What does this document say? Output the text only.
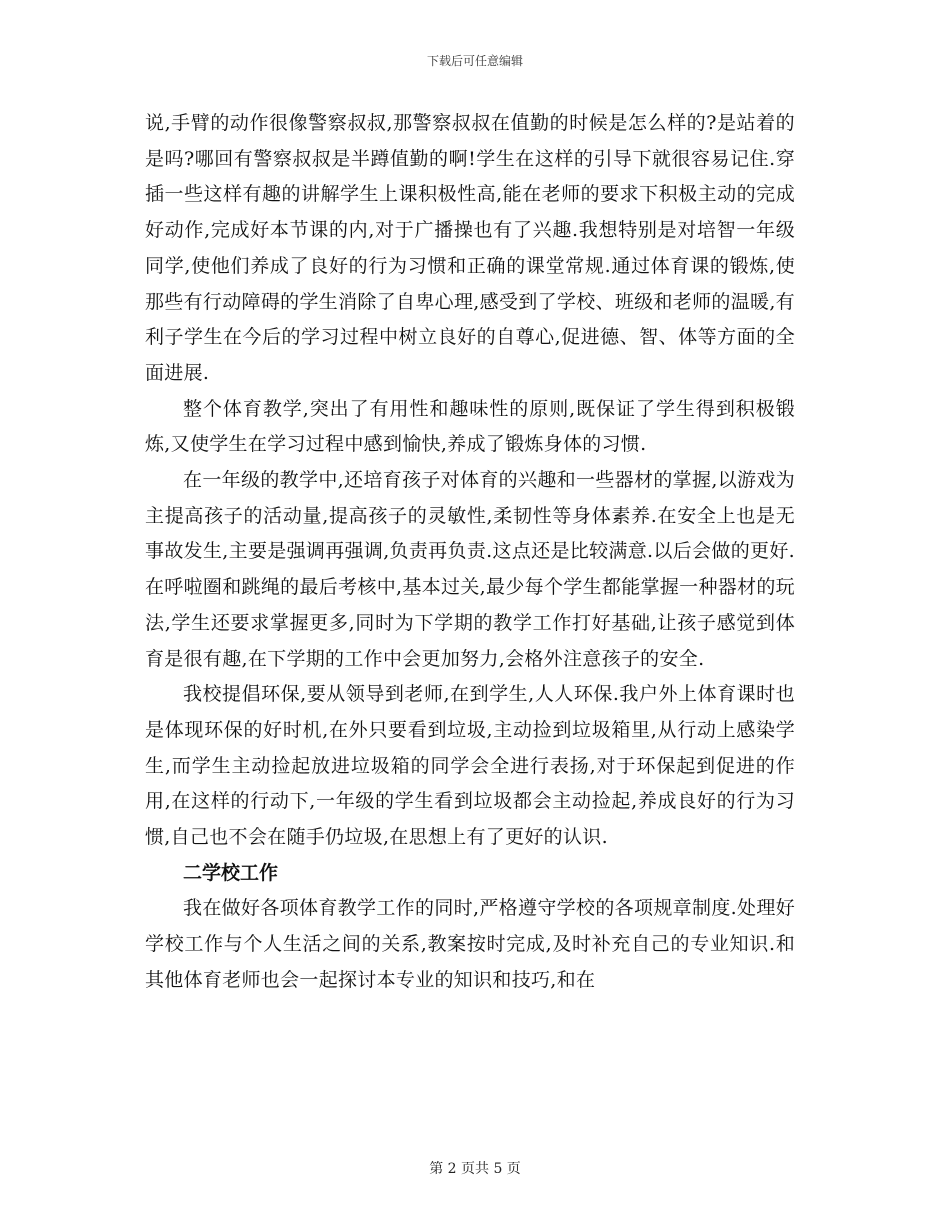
下载后可任意编辑

说,手臂的动作很像警察叔叔,那警察叔叔在值勤的时候是怎么样的?是站着的是吗?哪回有警察叔叔是半蹲值勤的啊!学生在这样的引导下就很容易记住.穿插一些这样有趣的讲解学生上课积极性高,能在老师的要求下积极主动的完成好动作,完成好本节课的内,对于广播操也有了兴趣.我想特别是对培智一年级同学,使他们养成了良好的行为习惯和正确的课堂常规.通过体育课的锻炼,使那些有行动障碍的学生消除了自卑心理,感受到了学校、班级和老师的温暖,有利子学生在今后的学习过程中树立良好的自尊心,促进德、智、体等方面的全面进展.

整个体育教学,突出了有用性和趣味性的原则,既保证了学生得到积极锻炼,又使学生在学习过程中感到愉快,养成了锻炼身体的习惯.

在一年级的教学中,还培育孩子对体育的兴趣和一些器材的掌握,以游戏为主提高孩子的活动量,提高孩子的灵敏性,柔韧性等身体素养.在安全上也是无事故发生,主要是强调再强调,负责再负责.这点还是比较满意.以后会做的更好.在呼啦圈和跳绳的最后考核中,基本过关,最少每个学生都能掌握一种器材的玩法,学生还要求掌握更多,同时为下学期的教学工作打好基础,让孩子感觉到体育是很有趣,在下学期的工作中会更加努力,会格外注意孩子的安全.

我校提倡环保,要从领导到老师,在到学生,人人环保.我户外上体育课时也是体现环保的好时机,在外只要看到垃圾,主动捡到垃圾箱里,从行动上感染学生,而学生主动捡起放进垃圾箱的同学会全进行表扬,对于环保起到促进的作用,在这样的行动下,一年级的学生看到垃圾都会主动捡起,养成良好的行为习惯,自己也不会在随手仍垃圾,在思想上有了更好的认识.

二学校工作

我在做好各项体育教学工作的同时,严格遵守学校的各项规章制度.处理好学校工作与个人生活之间的关系,教案按时完成,及时补充自己的专业知识.和其他体育老师也会一起探讨本专业的知识和技巧,和在

第 2 页共 5 页
